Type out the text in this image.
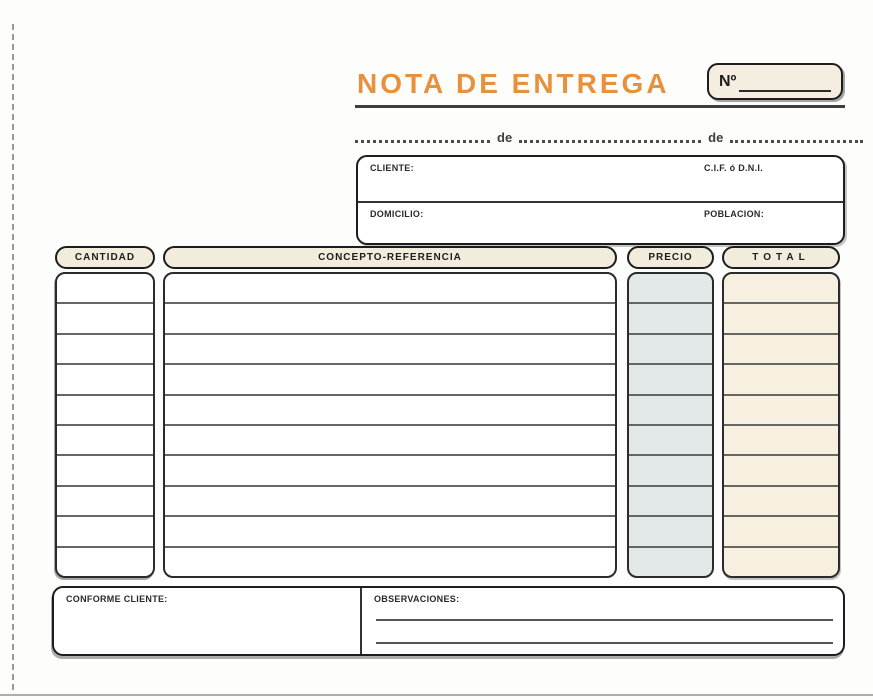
NOTA DE ENTREGA	Nº
de	de
CLIENTE:	C.I.F. ó D.N.I.
DOMICILIO:	POBLACION:
CANTIDAD	CONCEPTO-REFERENCIA	PRECIO	TOTAL
CONFORME CLIENTE:	OBSERVACIONES:
